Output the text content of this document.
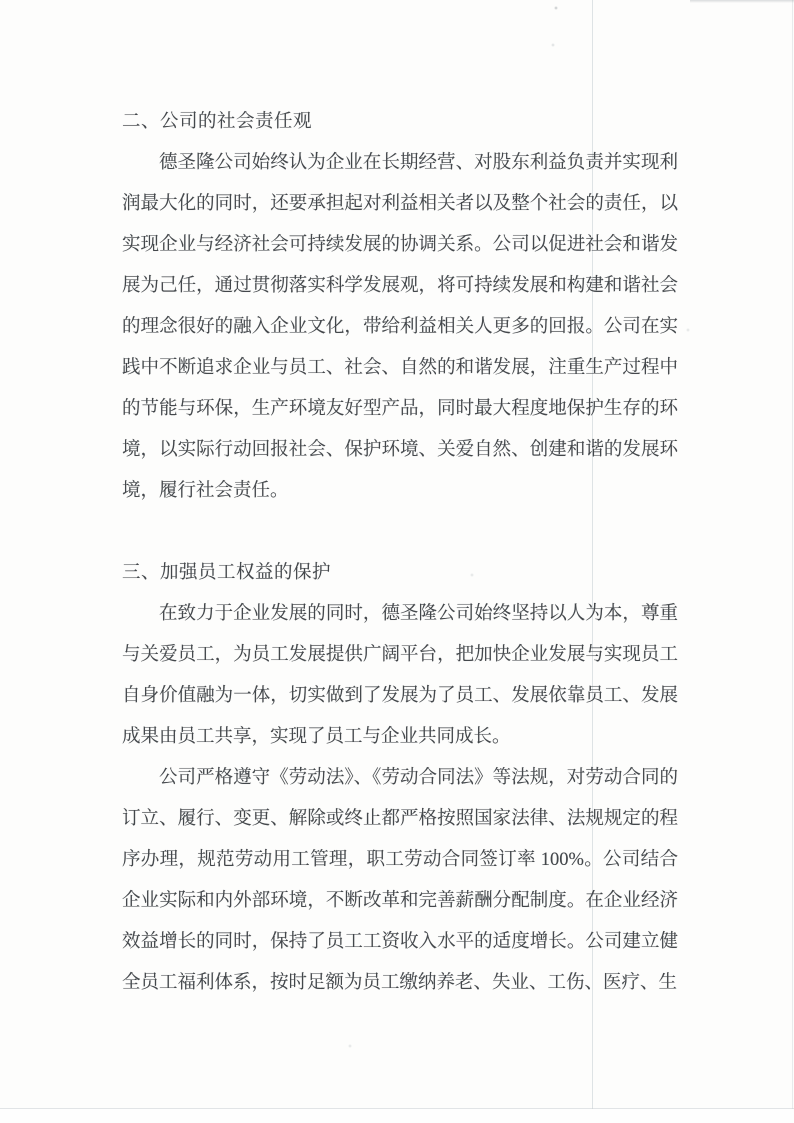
二、公司的社会责任观

德圣隆公司始终认为企业在长期经营、对股东利益负责并实现利润最大化的同时，还要承担起对利益相关者以及整个社会的责任，以实现企业与经济社会可持续发展的协调关系。公司以促进社会和谐发展为己任，通过贯彻落实科学发展观，将可持续发展和构建和谐社会的理念很好的融入企业文化，带给利益相关人更多的回报。公司在实践中不断追求企业与员工、社会、自然的和谐发展，注重生产过程中的节能与环保，生产环境友好型产品，同时最大程度地保护生存的环境，以实际行动回报社会、保护环境、关爱自然、创建和谐的发展环境，履行社会责任。

三、加强员工权益的保护

在致力于企业发展的同时，德圣隆公司始终坚持以人为本，尊重与关爱员工，为员工发展提供广阔平台，把加快企业发展与实现员工自身价值融为一体，切实做到了发展为了员工、发展依靠员工、发展成果由员工共享，实现了员工与企业共同成长。

公司严格遵守《劳动法》、《劳动合同法》等法规，对劳动合同的订立、履行、变更、解除或终止都严格按照国家法律、法规规定的程序办理，规范劳动用工管理，职工劳动合同签订率 100%。公司结合企业实际和内外部环境，不断改革和完善薪酬分配制度。在企业经济效益增长的同时，保持了员工工资收入水平的适度增长。公司建立健全员工福利体系，按时足额为员工缴纳养老、失业、工伤、医疗、生
